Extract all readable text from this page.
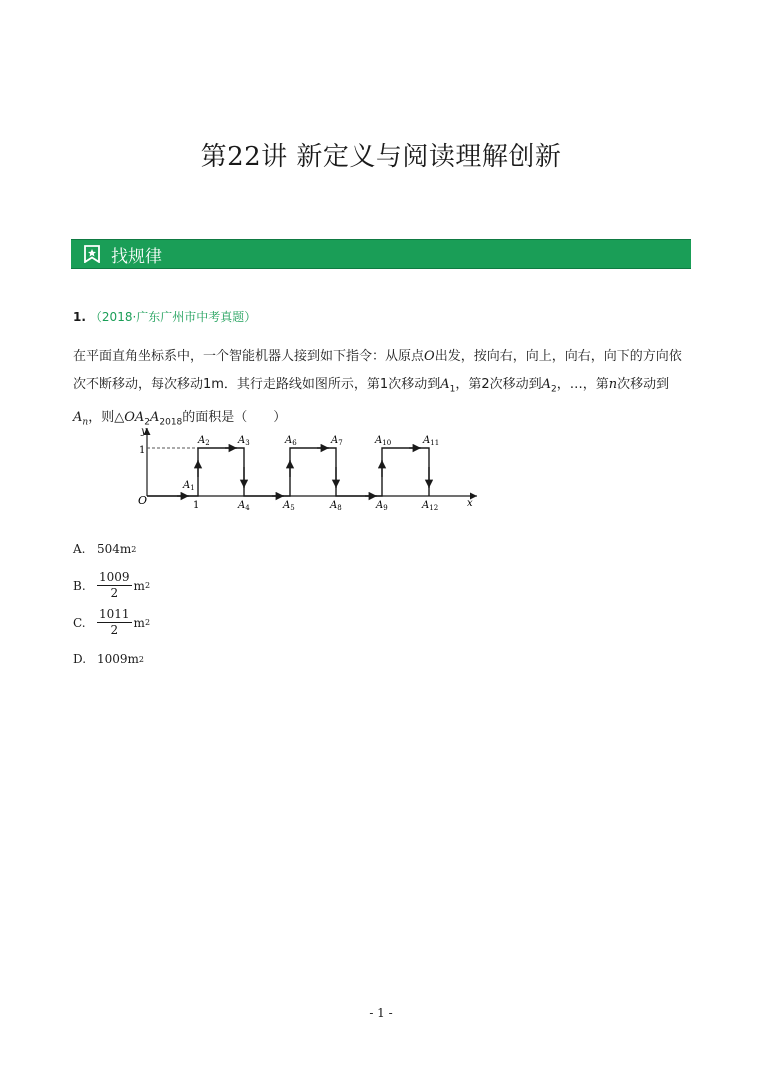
第22讲 新定义与阅读理解创新
找规律
1. （2018·广东广州市中考真题）
在平面直角坐标系中，一个智能机器人接到如下指令：从原点O出发，按向右，向上，向右，向下的方向依次不断移动，每次移动1m．其行走路线如图所示，第1次移动到$A_1$，第2次移动到$A_2$，…，第n次移动到
$A_n$，则$\triangle OA_2A_{2018}$的面积是（　　）
y
x
O
1
1
$A_1$
$A_2$	$A_3$
$A_4$	$A_5$
$A_6$	$A_7$
$A_8$	$A_9$
$A_{10}$	$A_{11}$
$A_{12}$
A. 504m 2
B. $\frac{1009}{2}$ m 2
C. $\frac{1011}{2}$ m 2
D. 1009m 2
- 1 -
